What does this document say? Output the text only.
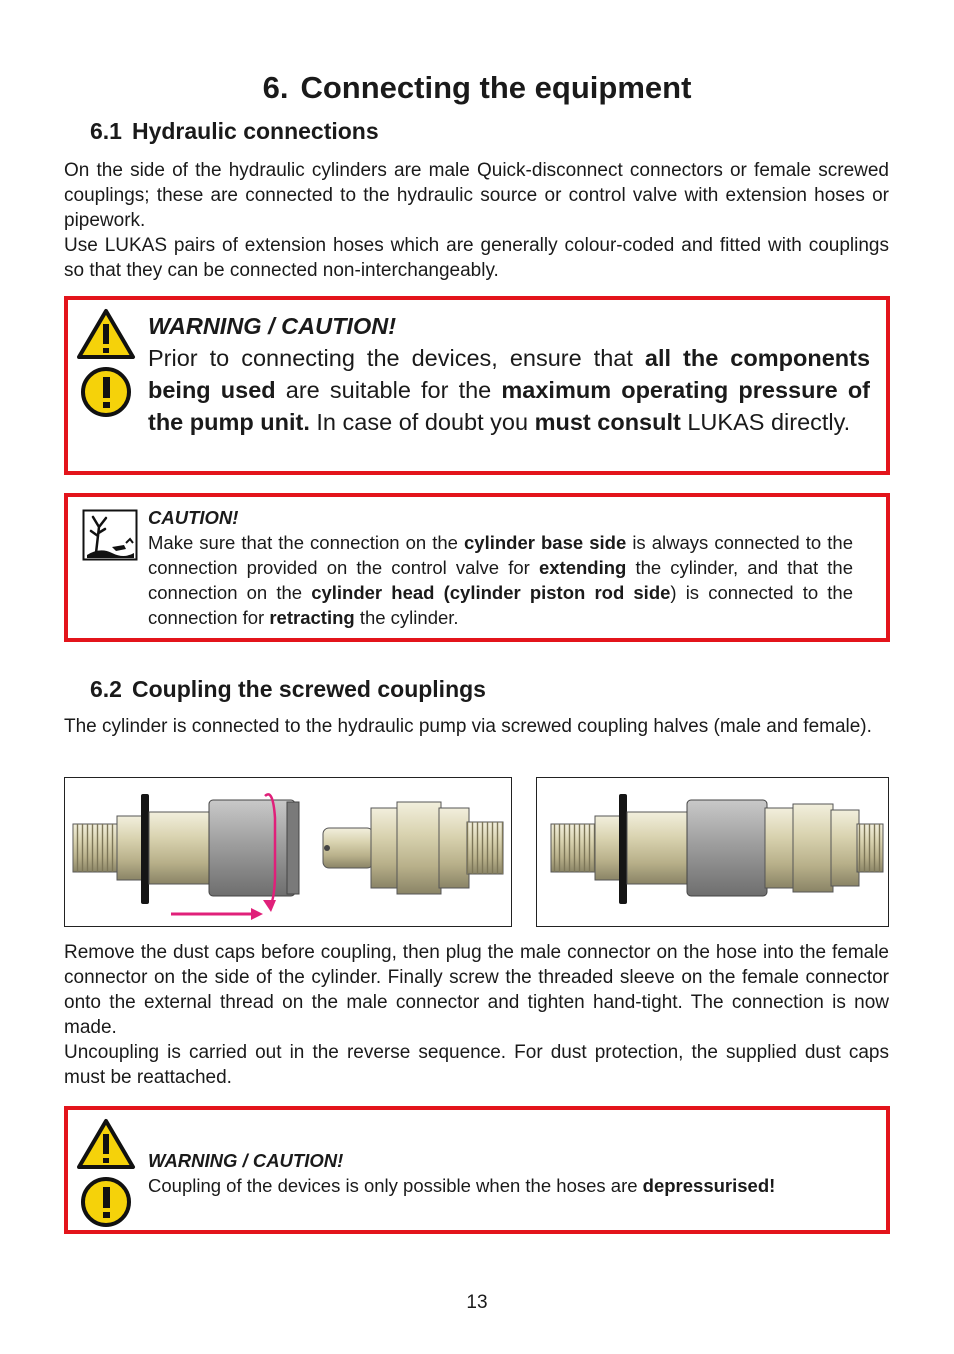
6. Connecting the equipment
6.1 Hydraulic connections

On the side of the hydraulic cylinders are male Quick-disconnect connectors or female screwed couplings; these are connected to the hydraulic source or control valve with extension hoses or pipework.

Use LUKAS pairs of extension hoses which are generally colour-coded and fitted with couplings so that they can be connected non-interchangeably.

WARNING / CAUTION!

Prior to connecting the devices, ensure that all the components being used are suitable for the maximum operating pressure of the pump unit. In case of doubt you must consult LUKAS directly.

CAUTION!

Make sure that the connection on the cylinder base side is always connected to the connection provided on the control valve for extending the cylinder, and that the connection on the cylinder head (cylinder piston rod side) is connected to the connection for retracting the cylinder.

6.2 Coupling the screwed couplings

The cylinder is connected to the hydraulic pump via screwed coupling halves (male and female).

Remove the dust caps before coupling, then plug the male connector on the hose into the female connector on the side of the cylinder. Finally screw the threaded sleeve on the female connector onto the external thread on the male connector and tighten hand-tight. The connection is now made.

Uncoupling is carried out in the reverse sequence. For dust protection, the supplied dust caps must be reattached.

WARNING / CAUTION!

Coupling of the devices is only possible when the hoses are depressurised!

13
